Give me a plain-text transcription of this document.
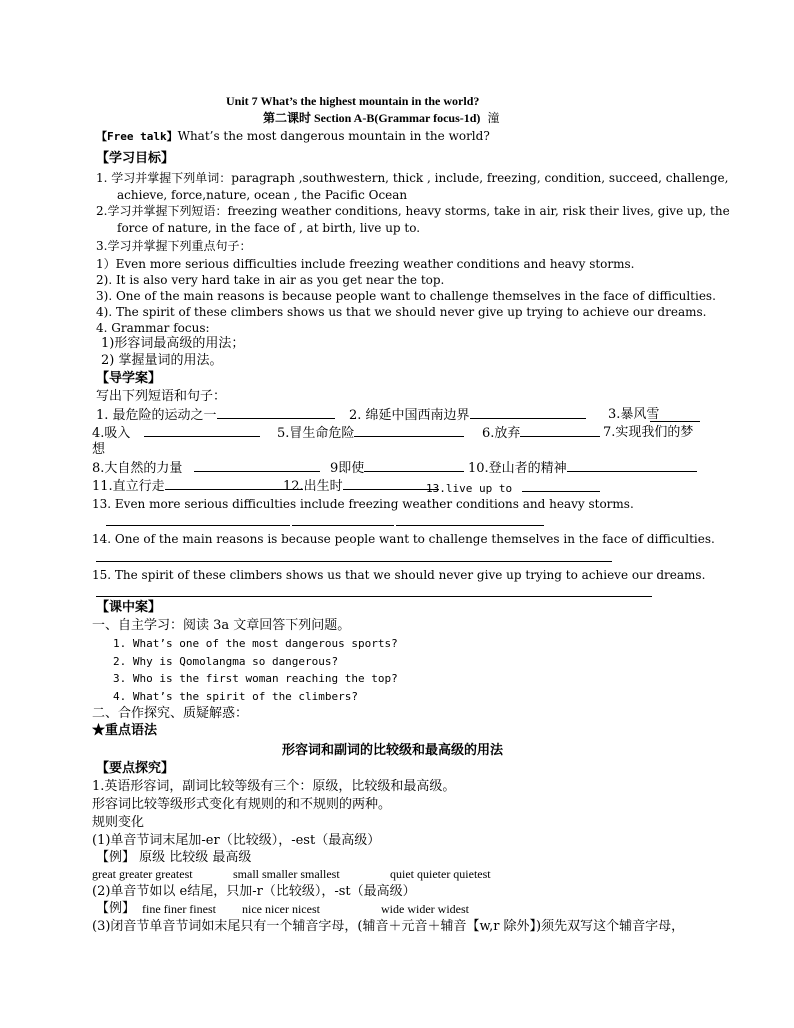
Unit 7 What’s the highest mountain in the world?
第二课时 Section A-B(Grammar focus-1d) 潼
【Free talk】What’s the most dangerous mountain in the world?
【学习目标】
1. 学习并掌握下列单词：paragraph ,southwestern, thick , include, freezing, condition, succeed, challenge,
achieve, force,nature, ocean , the Pacific Ocean
2.学习并掌握下列短语：freezing weather conditions, heavy storms, take in air, risk their lives, give up, the
force of nature, in the face of , at birth, live up to.
3.学习并掌握下列重点句子：
1）Even more serious difficulties include freezing weather conditions and heavy storms.
2). It is also very hard take in air as you get near the top.
3). One of the main reasons is because people want to challenge themselves in the face of difficulties.
4). The spirit of these climbers shows us that we should never give up trying to achieve our dreams.
4. Grammar focus:
1)形容词最高级的用法；
2) 掌握量词的用法。
【导学案】
写出下列短语和句子：
1. 最危险的运动之一	2. 绵延中国西南边界	3.暴风雪
4.吸入	5.冒生命危险	6.放弃	7.实现我们的梦
想
8.大自然的力量	9即使	10.登山者的精神
11.直立行走	12.出生时	13.live up to
13. Even more serious difficulties include freezing weather conditions and heavy storms.
14. One of the main reasons is because people want to challenge themselves in the face of difficulties.
15. The spirit of these climbers shows us that we should never give up trying to achieve our dreams.
【课中案】
一、自主学习：阅读 3a 文章回答下列问题。
1. What’s one of the most dangerous sports?
2. Why is Qomolangma so dangerous?
3. Who is the first woman reaching the top?
4. What’s the spirit of the climbers?
二、合作探究、质疑解惑：
★重点语法
形容词和副词的比较级和最高级的用法
【要点探究】
1.英语形容词，副词比较等级有三个：原级，比较级和最高级。
形容词比较等级形式变化有规则的和不规则的两种。
规则变化
(1)单音节词末尾加-er（比较级），-est（最高级）
【例】 原级 比较级 最高级
great greater greatest	small smaller smallest	quiet quieter quietest
(2)单音节如以 e结尾，只加-r（比较级），-st（最高级）
【例】 fine finer finest nice nicer nicest	wide wider widest
(3)闭音节单音节词如末尾只有一个辅音字母，(辅音＋元音＋辅音【w,r 除外】)须先双写这个辅音字母，
